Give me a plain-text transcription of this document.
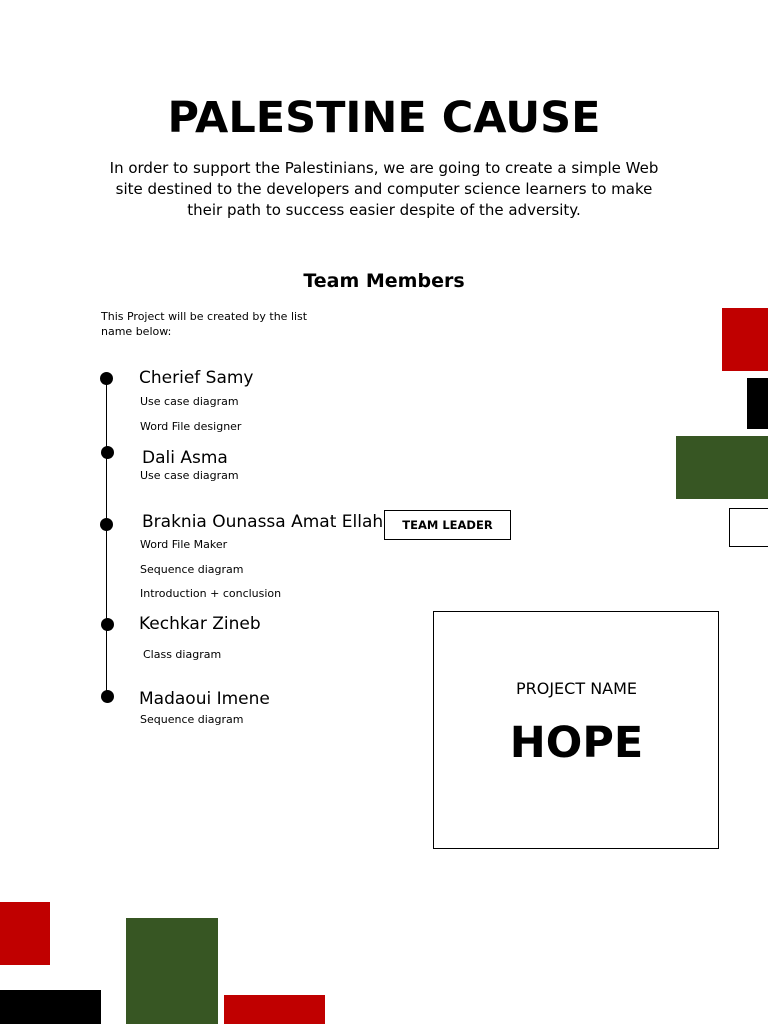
PALESTINE CAUSE
In order to support the Palestinians, we are going to create a simple Web site destined to the developers and computer science learners to make their path to success easier despite of the adversity.
Team Members
This Project will be created by the list name below:
Cherief Samy
Use case diagram
Word File designer
Dali Asma
Use case diagram
Braknia Ounassa Amat Ellah	TEAM LEADER
Word File Maker
Sequence diagram
Introduction + conclusion
Kechkar Zineb
Class diagram
Madaoui Imene
Sequence diagram
PROJECT NAME
HOPE
